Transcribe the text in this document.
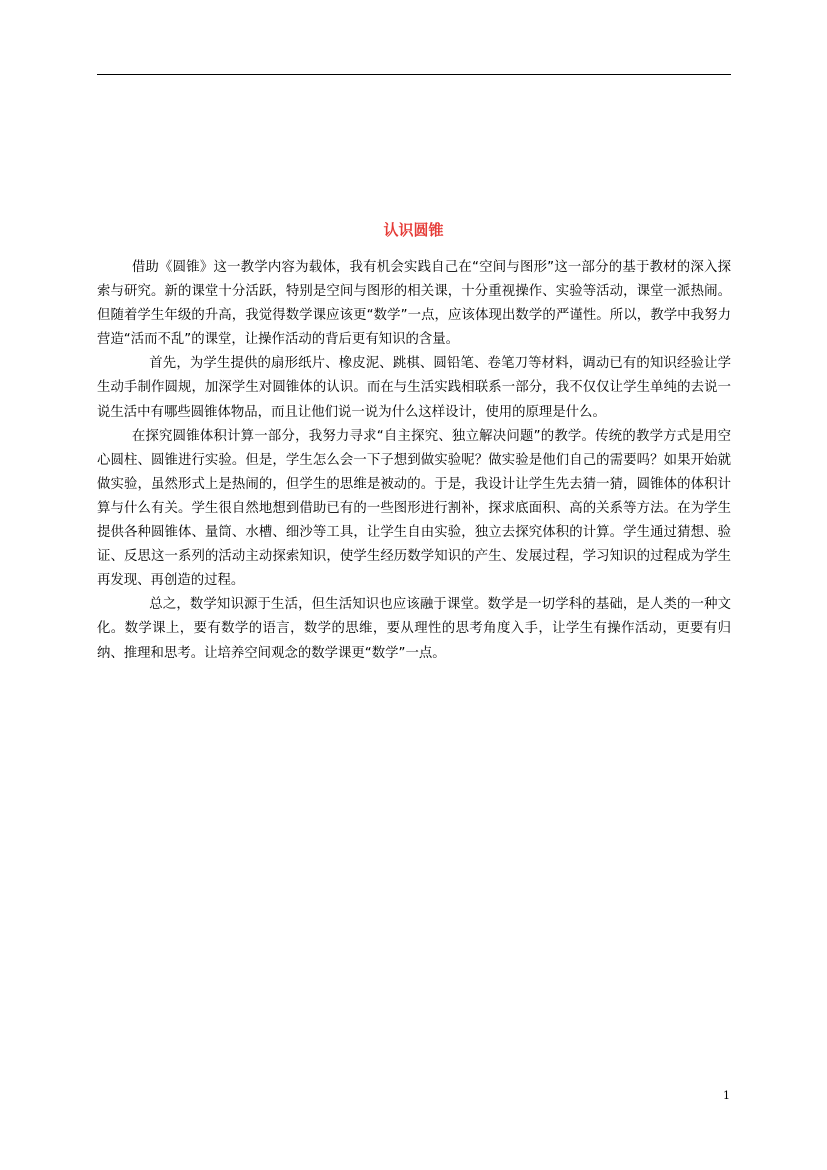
认识圆锥

借助《圆锥》这一教学内容为载体，我有机会实践自己在“空间与图形”这一部分的基于教材的深入探索与研究。新的课堂十分活跃，特别是空间与图形的相关课，十分重视操作、实验等活动，课堂一派热闹。但随着学生年级的升高，我觉得数学课应该更“数学”一点，应该体现出数学的严谨性。所以，教学中我努力营造“活而不乱”的课堂，让操作活动的背后更有知识的含量。

首先，为学生提供的扇形纸片、橡皮泥、跳棋、圆铅笔、卷笔刀等材料，调动已有的知识经验让学生动手制作圆规，加深学生对圆锥体的认识。而在与生活实践相联系一部分，我不仅仅让学生单纯的去说一说生活中有哪些圆锥体物品，而且让他们说一说为什么这样设计，使用的原理是什么。

在探究圆锥体积计算一部分，我努力寻求“自主探究、独立解决问题”的教学。传统的教学方式是用空心圆柱、圆锥进行实验。但是，学生怎么会一下子想到做实验呢？做实验是他们自己的需要吗？如果开始就做实验，虽然形式上是热闹的，但学生的思维是被动的。于是，我设计让学生先去猜一猜，圆锥体的体积计算与什么有关。学生很自然地想到借助已有的一些图形进行割补，探求底面积、高的关系等方法。在为学生提供各种圆锥体、量筒、水槽、细沙等工具，让学生自由实验，独立去探究体积的计算。学生通过猜想、验证、反思这一系列的活动主动探索知识，使学生经历数学知识的产生、发展过程，学习知识的过程成为学生再发现、再创造的过程。

总之，数学知识源于生活，但生活知识也应该融于课堂。数学是一切学科的基础，是人类的一种文化。数学课上，要有数学的语言，数学的思维，要从理性的思考角度入手，让学生有操作活动，更要有归纳、推理和思考。让培养空间观念的数学课更“数学”一点。

1
